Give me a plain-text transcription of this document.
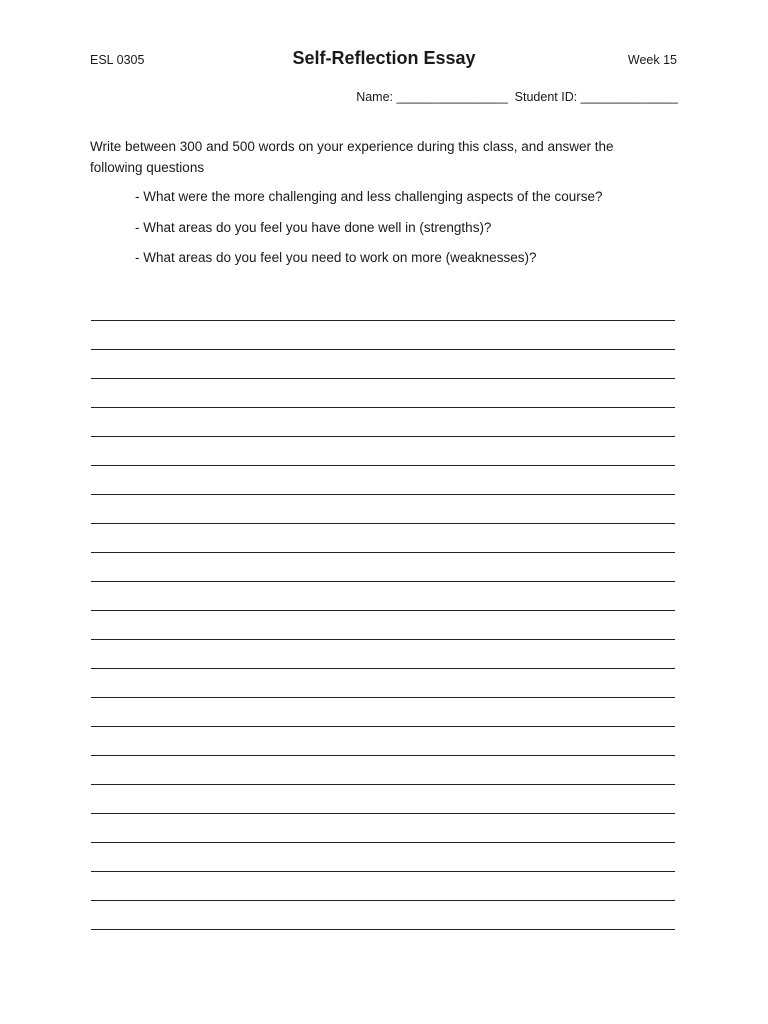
ESL 0305	Self-Reflection Essay	Week 15
Name: ________________  Student ID: ______________
Write between 300 and 500 words on your experience during this class, and answer the following questions
- What were the more challenging and less challenging aspects of the course?
- What areas do you feel you have done well in (strengths)?
- What areas do you feel you need to work on more (weaknesses)?
